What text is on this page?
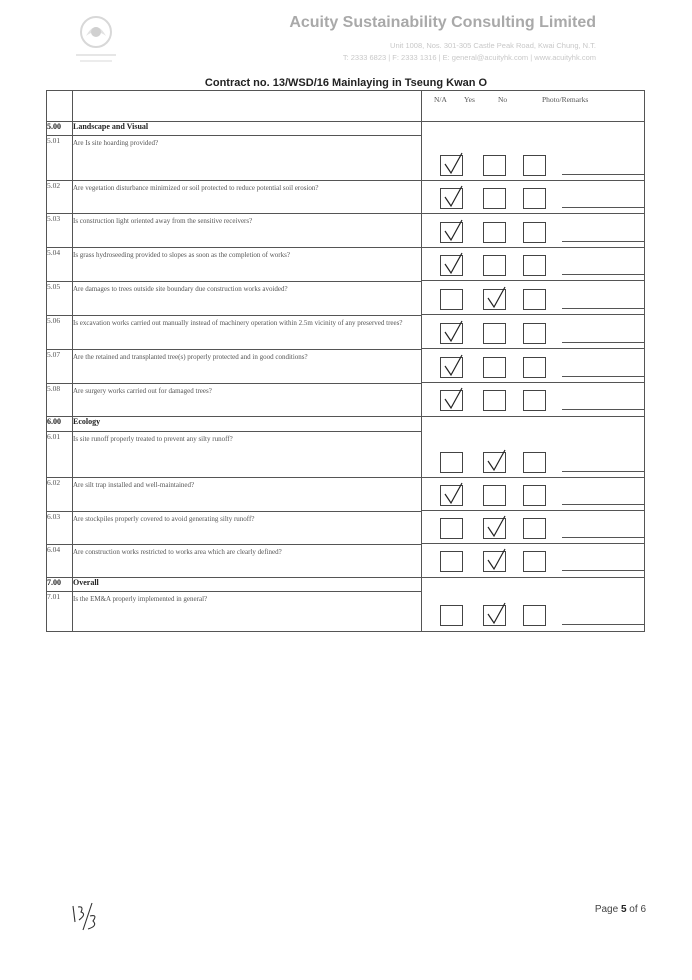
Acuity Sustainability Consulting Limited
Unit 1008, Nos. 301-305 Castle Peak Road, Kwai Chung, N.T.
T: 2333 6823 | F: 2333 1316 | E: general@acuityhk.com | www.acuityhk.com
Contract no. 13/WSD/16 Mainlaying in Tseung Kwan O

		N/A Yes No Photo/Remarks

5.00	Landscape and Visual	

5.01	Are Is site hoarding provided?	
5.02	Are vegetation disturbance minimized or soil protected to reduce potential soil erosion?	
5.03	Is construction light oriented away from the sensitive receivers?	
5.04	Is grass hydroseeding provided to slopes as soon as the completion of works?	
5.05	Are damages to trees outside site boundary due construction works avoided?	
5.06	Is excavation works carried out manually instead of machinery operation within 2.5m vicinity of any preserved trees?	
5.07	Are the retained and transplanted tree(s) properly protected and in good conditions?	
5.08	Are surgery works carried out for damaged trees?	
6.00	Ecology	

6.01	Is site runoff properly treated to prevent any silty runoff?	
6.02	Are silt trap installed and well-maintained?	
6.03	Are stockpiles properly covered to avoid generating silty runoff?	
6.04	Are construction works restricted to works area which are clearly defined?	
7.00	Overall	

7.01	Is the EM&A properly implemented in general?	
Page 5 of 6
